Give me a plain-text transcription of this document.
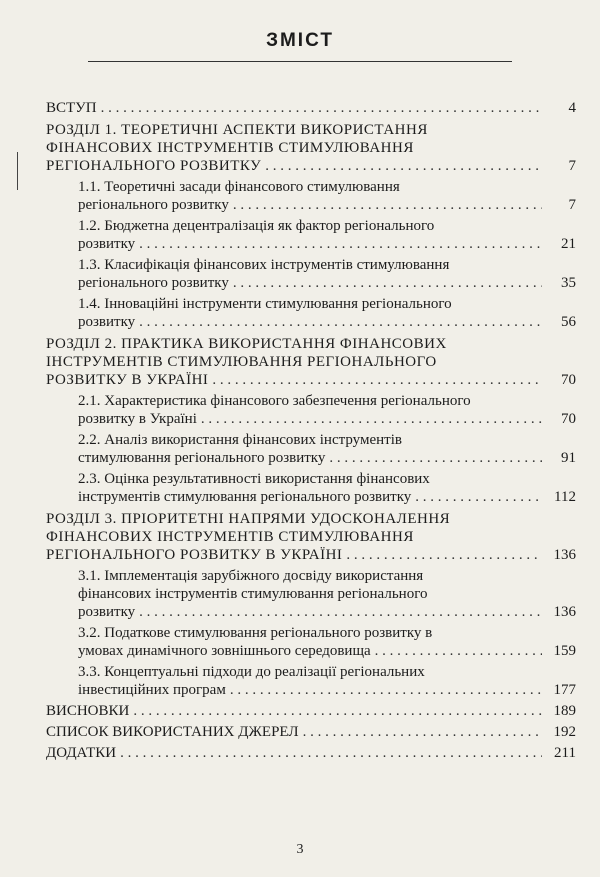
ЗМІСТ
ВСТУП . . .	4
РОЗДІЛ 1. ТЕОРЕТИЧНІ АСПЕКТИ ВИКОРИСТАННЯ
ФІНАНСОВИХ ІНСТРУМЕНТІВ СТИМУЛЮВАННЯ
РЕГІОНАЛЬНОГО РОЗВИТКУ . . .	7
1.1. Теоретичні засади фінансового стимулювання
регіонального розвитку . . .	7
1.2. Бюджетна децентралізація як фактор регіонального
розвитку . . .	21
1.3. Класифікація фінансових інструментів стимулювання
регіонального розвитку . . .	35
1.4. Інноваційні інструменти стимулювання регіонального
розвитку . . .	56
РОЗДІЛ 2. ПРАКТИКА ВИКОРИСТАННЯ ФІНАНСОВИХ
ІНСТРУМЕНТІВ СТИМУЛЮВАННЯ РЕГІОНАЛЬНОГО
РОЗВИТКУ В УКРАЇНІ . . .	70
2.1. Характеристика фінансового забезпечення регіонального
розвитку в Україні . . .	70
2.2. Аналіз використання фінансових інструментів
стимулювання регіонального розвитку . . .	91
2.3. Оцінка результативності використання фінансових
інструментів стимулювання регіонального розвитку . . .	112
РОЗДІЛ 3. ПРІОРИТЕТНІ НАПРЯМИ УДОСКОНАЛЕННЯ
ФІНАНСОВИХ ІНСТРУМЕНТІВ СТИМУЛЮВАННЯ
РЕГІОНАЛЬНОГО РОЗВИТКУ В УКРАЇНІ . . .	136
3.1. Імплементація зарубіжного досвіду використання
фінансових інструментів стимулювання регіонального
розвитку . . .	136
3.2. Податкове стимулювання регіонального розвитку в
умовах динамічного зовнішнього середовища . . .	159
3.3. Концептуальні підходи до реалізації регіональних
інвестиційних програм . . .	177
ВИСНОВКИ . . .	189
СПИСОК ВИКОРИСТАНИХ ДЖЕРЕЛ . . .	192
ДОДАТКИ . . .	211
3
